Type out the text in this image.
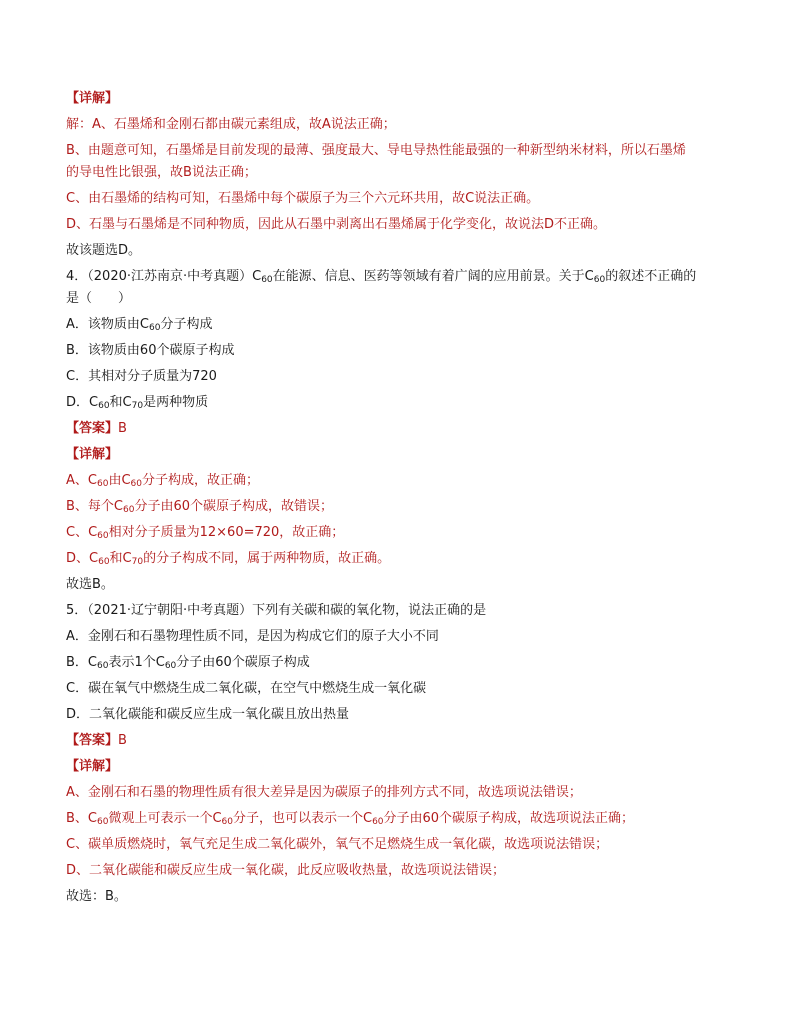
【详解】

解：A、石墨烯和金刚石都由碳元素组成，故A说法正确；

B、由题意可知，石墨烯是目前发现的最薄、强度最大、导电导热性能最强的一种新型纳米材料，所以石墨烯

的导电性比银强，故B说法正确；

C、由石墨烯的结构可知，石墨烯中每个碳原子为三个六元环共用，故C说法正确。

D、石墨与石墨烯是不同种物质，因此从石墨中剥离出石墨烯属于化学变化，故说法D不正确。

故该题选D。

4．（2020·江苏南京·中考真题）$C_{60}$在能源、信息、医药等领域有着广阔的应用前景。关于$C_{60}$的叙述不正确的

是（　　）

A．该物质由$C_{60}$分子构成

B．该物质由60个碳原子构成

C．其相对分子质量为720

D．$C_{60}$和$C_{70}$是两种物质

【答案】B

【详解】

A、$C_{60}$由$C_{60}$分子构成，故正确；

B、每个$C_{60}$分子由60个碳原子构成，故错误；

C、$C_{60}$相对分子质量为12×60=720，故正确；

D、$C_{60}$和$C_{70}$的分子构成不同，属于两种物质，故正确。

故选B。

5．（2021·辽宁朝阳·中考真题）下列有关碳和碳的氧化物，说法正确的是

A．金刚石和石墨物理性质不同，是因为构成它们的原子大小不同

B．$C_{60}$表示1个$C_{60}$分子由60个碳原子构成

C．碳在氧气中燃烧生成二氧化碳，在空气中燃烧生成一氧化碳

D．二氧化碳能和碳反应生成一氧化碳且放出热量

【答案】B

【详解】

A、金刚石和石墨的物理性质有很大差异是因为碳原子的排列方式不同，故选项说法错误；

B、$C_{60}$微观上可表示一个$C_{60}$分子，也可以表示一个$C_{60}$分子由60个碳原子构成，故选项说法正确；

C、碳单质燃烧时，氧气充足生成二氧化碳外，氧气不足燃烧生成一氧化碳，故选项说法错误；

D、二氧化碳能和碳反应生成一氧化碳，此反应吸收热量，故选项说法错误；

故选：B。
